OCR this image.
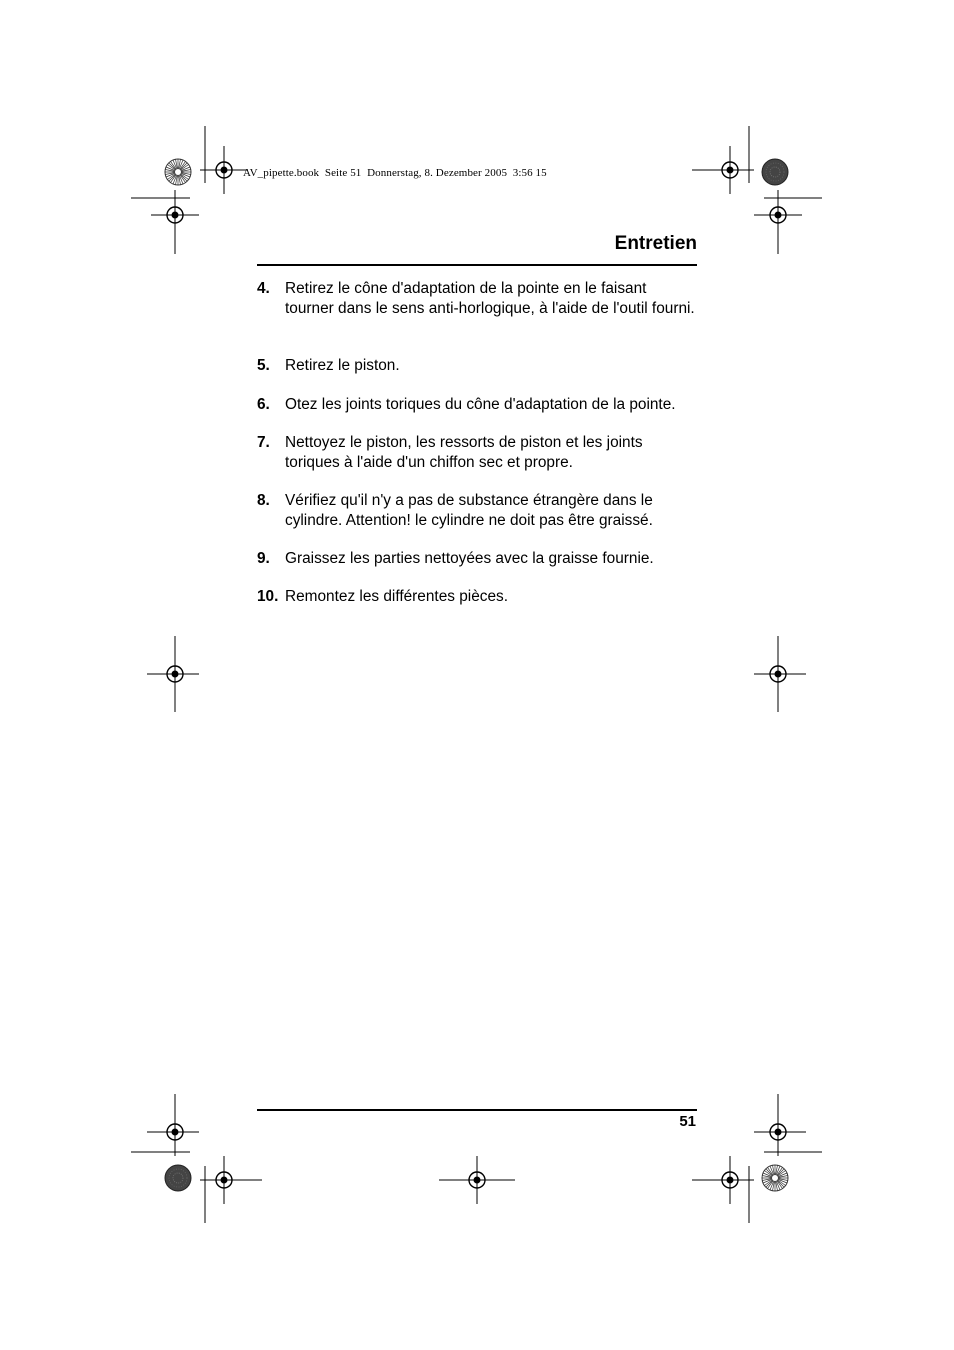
AV_pipette.book  Seite 51  Donnerstag, 8. Dezember 2005  3:56 15
Entretien
4. Retirez le cône d'adaptation de la pointe en le faisant tourner dans le sens anti-horlogique, à l'aide de l'outil fourni.
5. Retirez le piston.
6. Otez les joints toriques du cône d'adaptation de la pointe.
7. Nettoyez le piston, les ressorts de piston et les joints toriques à l'aide d'un chiffon sec et propre.
8. Vérifiez qu'il n'y a pas de substance étrangère dans le cylindre. Attention! le cylindre ne doit pas être graissé.
9. Graissez les parties nettoyées avec la graisse fournie.
10. Remontez les différentes pièces.
51
